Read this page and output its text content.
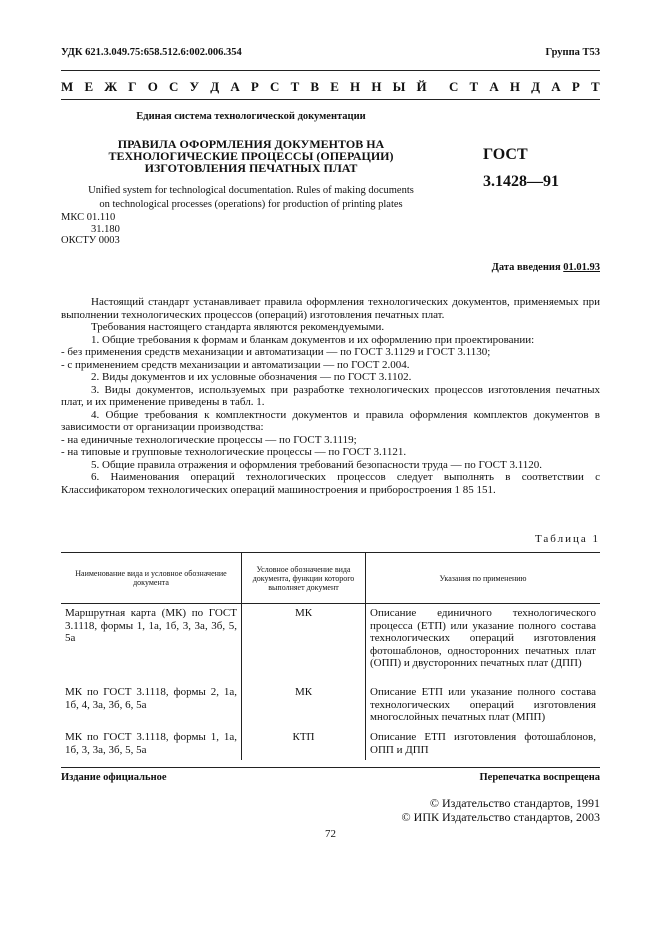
УДК 621.3.049.75:658.512.6:002.006.354	Группа Т53
М Е Ж Г О С У Д А Р С Т В Е Н Н Ы Й С Т А Н Д А Р Т
Единая система технологической документации
ПРАВИЛА ОФОРМЛЕНИЯ ДОКУМЕНТОВ НА
ТЕХНОЛОГИЧЕСКИЕ ПРОЦЕССЫ (ОПЕРАЦИИ)
ИЗГОТОВЛЕНИЯ ПЕЧАТНЫХ ПЛАТ
ГОСТ
3.1428—91
Unified system for technological documentation. Rules of making documents
on technological processes (operations) for production of printing plates
МКС 01.110
31.180
ОКСТУ 0003
Дата введения 01.01.93

Настоящий стандарт устанавливает правила оформления технологических документов, применяемых при выполнении технологических процессов (операций) изготовления печатных плат.

Требования настоящего стандарта являются рекомендуемыми.

1. Общие требования к формам и бланкам документов и их оформлению при проектировании:

- без применения средств механизации и автоматизации — по ГОСТ 3.1129 и ГОСТ 3.1130;

- с применением средств механизации и автоматизации — по ГОСТ 2.004.

2. Виды документов и их условные обозначения — по ГОСТ 3.1102.

3. Виды документов, используемых при разработке технологических процессов изготовления печатных плат, и их применение приведены в табл. 1.

4. Общие требования к комплектности документов и правила оформления комплектов документов в зависимости от организации производства:

- на единичные технологические процессы — по ГОСТ 3.1119;

- на типовые и групповые технологические процессы — по ГОСТ 3.1121.

5. Общие правила отражения и оформления требований безопасности труда — по ГОСТ 3.1120.

6. Наименования операций технологических процессов следует выполнять в соответствии с Классификатором технологических операций машиностроения и приборостроения 1 85 151.

Таблица 1
Наименование вида и условное обозначение документа	Условное обозначение вида документа, функции которого выполняет документ	Указания по применению
Маршрутная карта (МК) по ГОСТ 3.1118, формы 1, 1а, 1б, 3, 3а, 3б, 5, 5а	МК	Описание единичного технологического процесса (ЕТП) или указание полного состава технологических операций изготовления фотошаблонов, односторонних печатных плат (ОПП) и двусторонних печатных плат (ДПП)
МК по ГОСТ 3.1118, формы 2, 1а, 1б, 4, 3а, 3б, 6, 5а	МК	Описание ЕТП или указание полного состава технологических операций изготовления многослойных печатных плат (МПП)
МК по ГОСТ 3.1118, формы 1, 1а, 1б, 3, 3а, 3б, 5, 5а	КТП	Описание ЕТП изготовления фотошаблонов, ОПП и ДПП
Издание официальное	Перепечатка воспрещена
© Издательство стандартов, 1991
© ИПК Издательство стандартов, 2003
72
